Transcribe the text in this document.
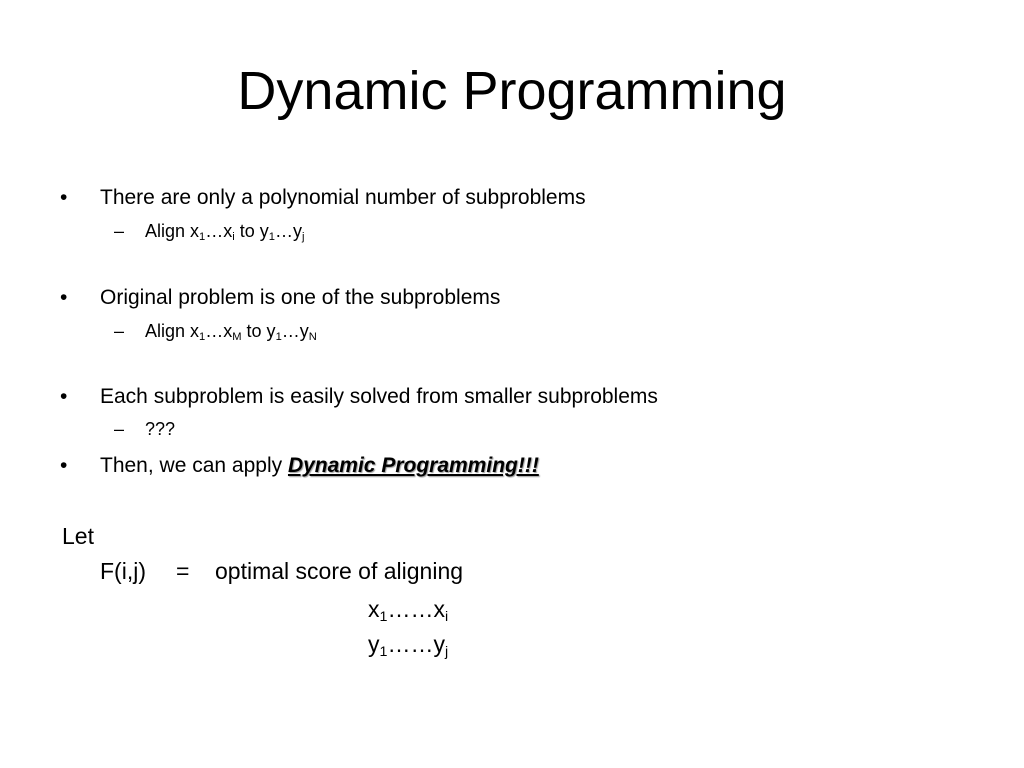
Dynamic Programming
• There are only a polynomial number of subproblems
– Align $x_1\dots x_i$ to $y_1\dots y_j$
• Original problem is one of the subproblems
– Align $x_1\dots x_M$ to $y_1\dots y_N$
• Each subproblem is easily solved from smaller subproblems
– ???
• Then, we can apply Dynamic Programming!!!
Let
F(i,j) = optimal score of aligning
$x_1\dots\dots x_i$
$y_1\dots\dots y_j$
